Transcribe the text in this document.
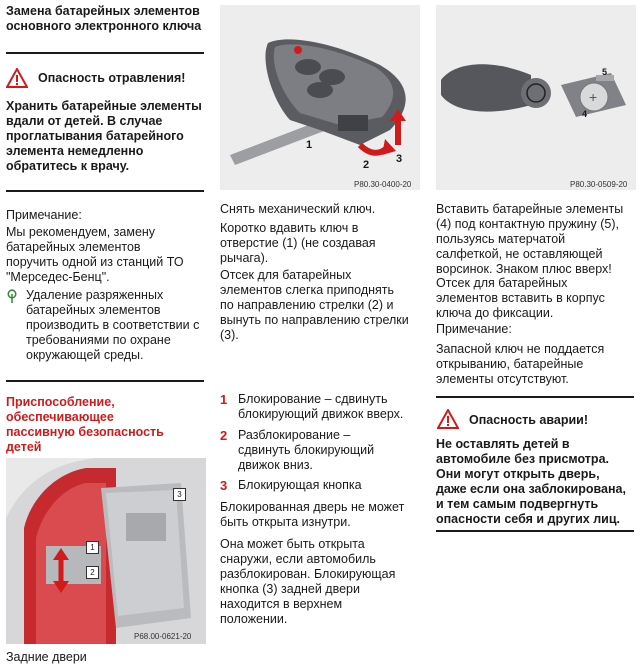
Замена батарейных элементов основного электронного ключа
Опасность отравления!
Хранить батарейные элементы вдали от детей. В случае проглатывания батарейного элемента немедленно обратитесь к врачу.
Примечание:
Мы рекомендуем, замену батарейных элементов поручить одной из станций ТО "Мерседес-Бенц".
Удаление разряженных батарейных элементов производить в соответствии с требованиями по охране окружающей среды.
Приспособление, обеспечивающее пассивную безопасность детей
1
2
3
P68.00-0621-20
Задние двери
1
2 3
P80.30-0400-20
Снять механический ключ.
Коротко вдавить ключ в отверстие (1) (не создавая рычага).
Отсек для батарейных элементов слегка приподнять по направлению стрелки (2) и вынуть по направлению стрелки (3).
1 Блокирование – сдвинуть блокирующий движок вверх.
2 Разблокирование – сдвинуть блокирующий движок вниз.
3 Блокирующая кнопка
Блокированная дверь не может быть открыта изнутри.
Она может быть открыта снаружи, если автомобиль разблокирован. Блокирующая кнопка (3) задней двери находится в верхнем положении.
+
5
4
P80.30-0509-20
Вставить батарейные элементы (4) под контактную пружину (5), пользуясь матерчатой салфеткой, не оставляющей ворсинок. Знаком плюс вверх!
Отсек для батарейных элементов вставить в корпус ключа до фиксации.
Примечание:
Запасной ключ не поддается открыванию, батарейные элементы отсутствуют.
Опасность аварии!
Не оставлять детей в автомобиле без присмотра. Они могут открыть дверь, даже если она заблокирована, и тем самым подвергнуть опасности себя и других лиц.
